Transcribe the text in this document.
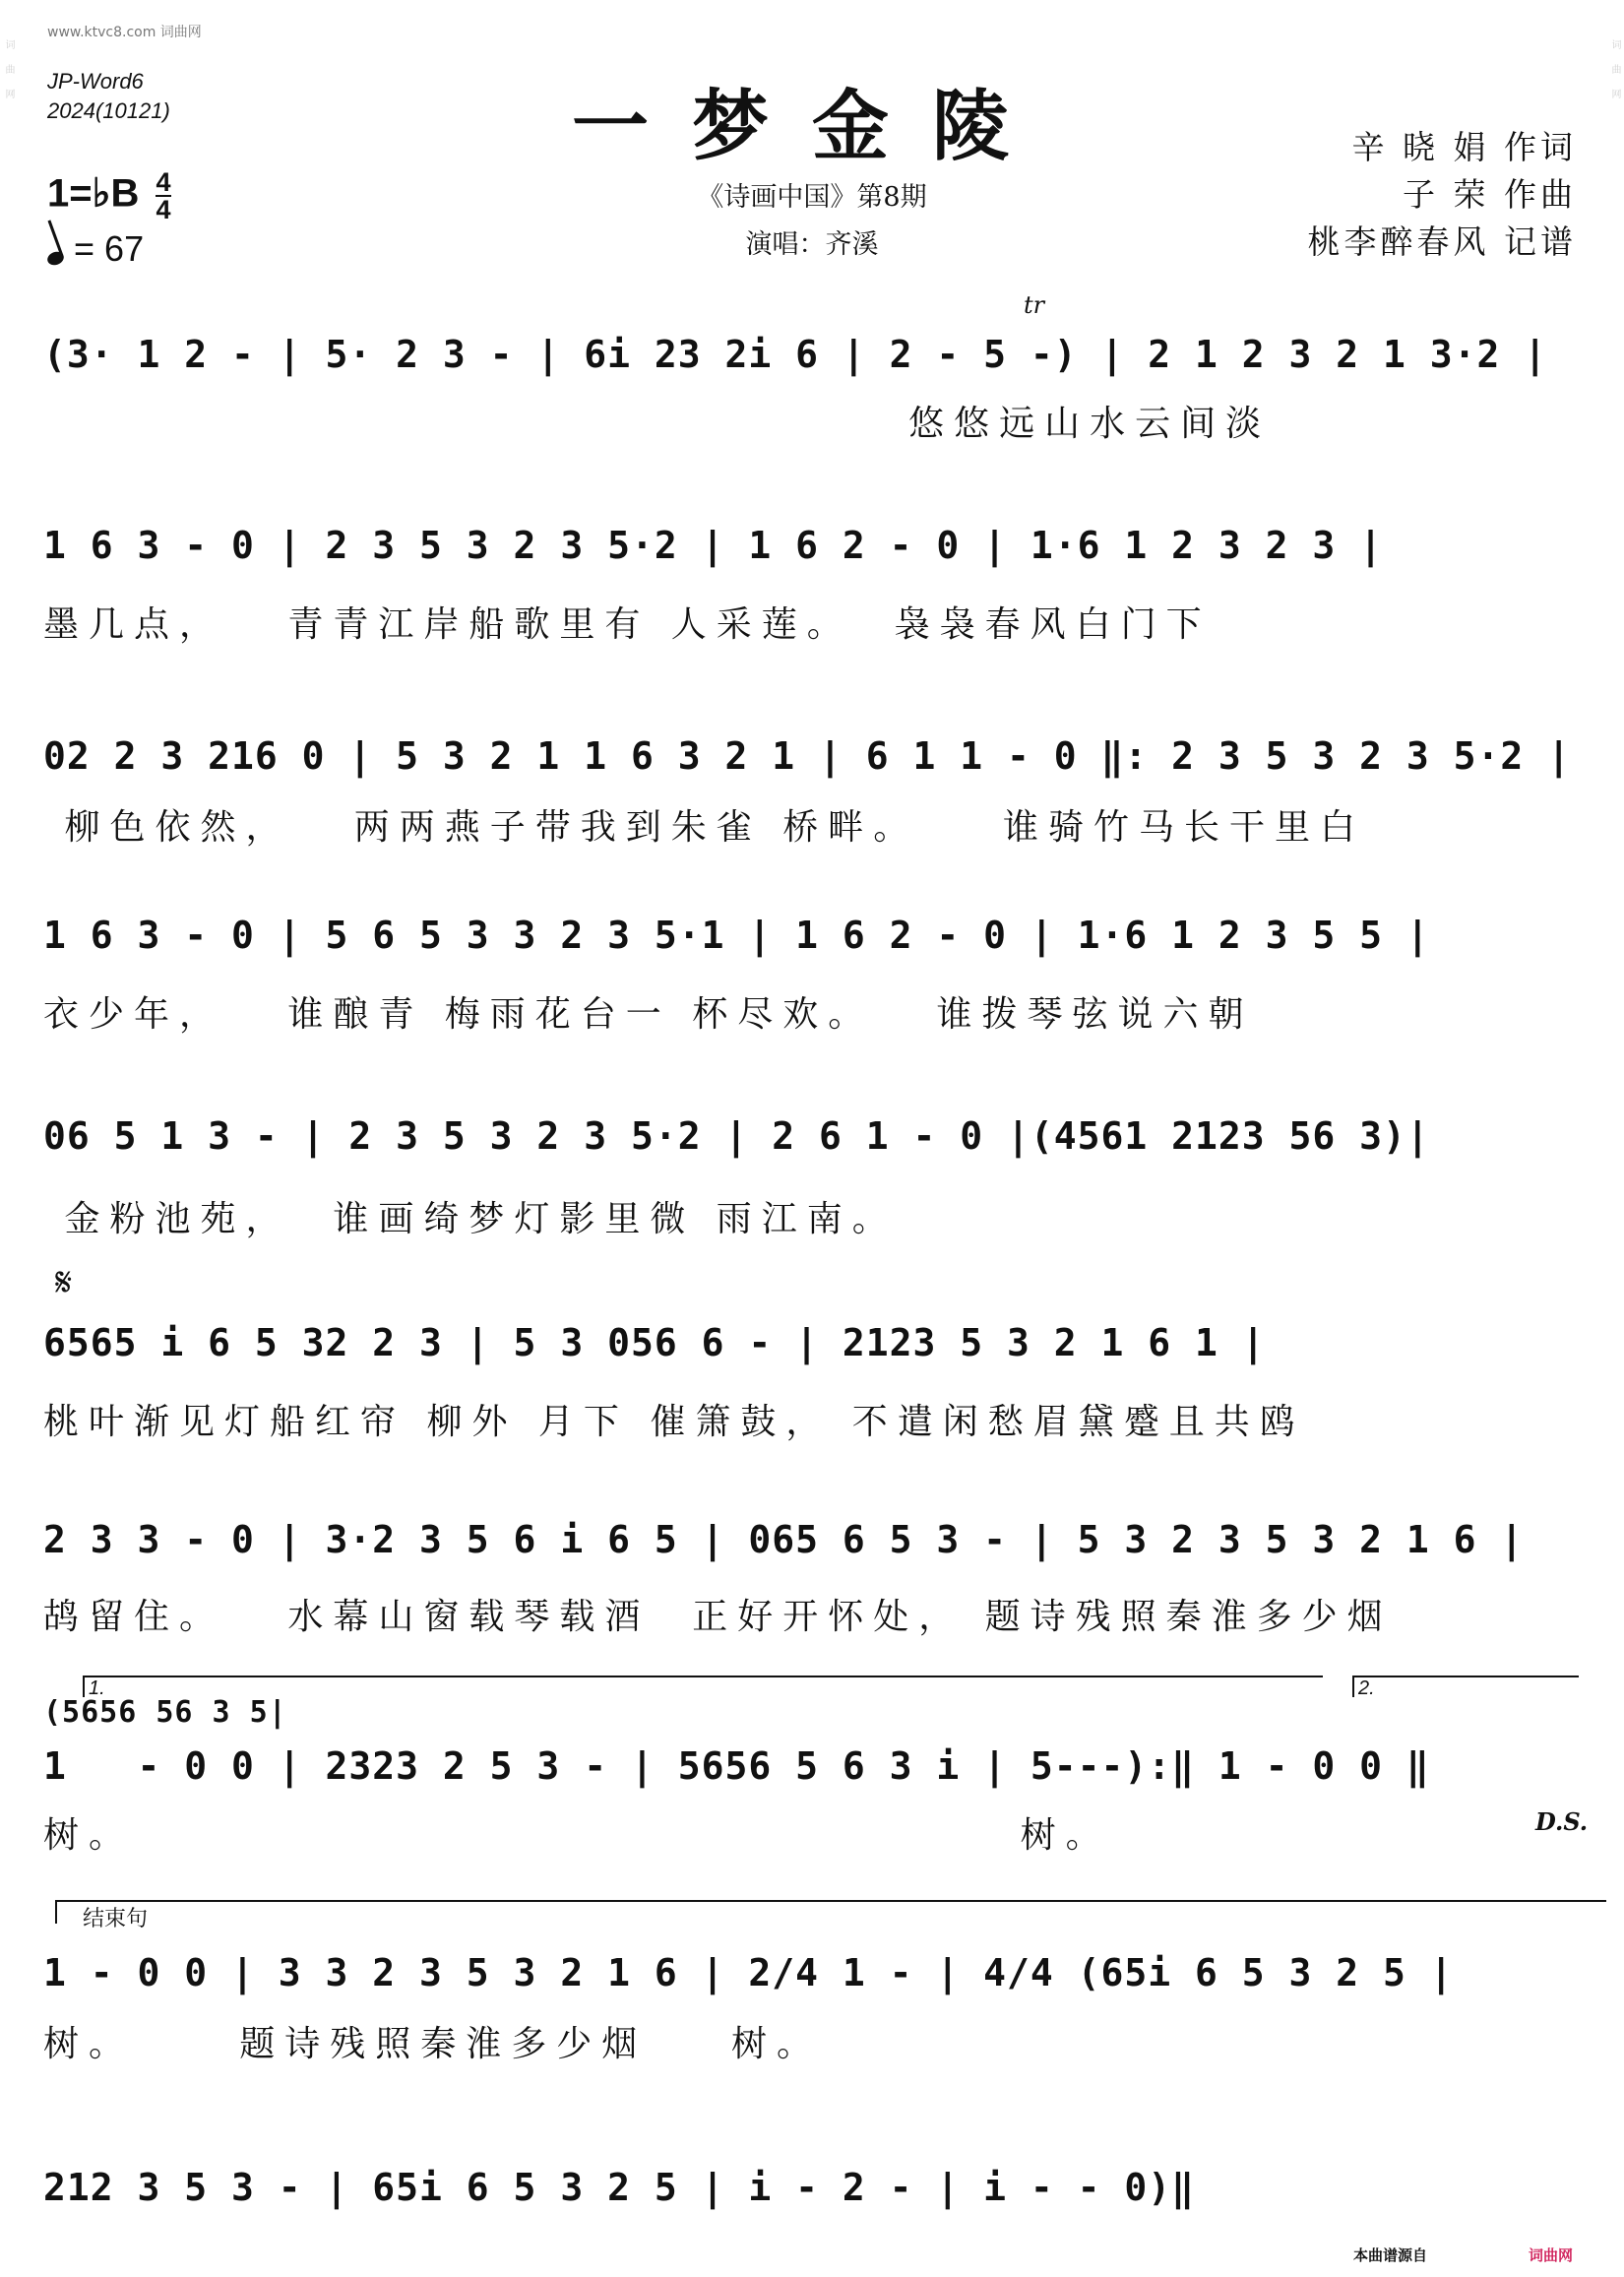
www.ktvc8.com 词曲网
词 曲 网	词 曲 网
JP-Word6
2024(10121)	一梦金陵
《诗画中国》第8期
演唱：齐溪
辛 晓 娟 作词
子 荣 作曲
桃李醉春风 记谱
1=♭B $\frac{4}{4}$
= 67
tr
(3· 1 2 - | 5· 2 3 - | 6i 23 2i 6 | 2 - 5 -) | 2 1 2 3 2 1 3·2 |
悠悠远山水云间淡
1 6 3 - 0 | 2 3 5 3 2 3 5·2 | 1 6 2 - 0 | 1·6 1 2 3 2 3 |
墨几点，   青青江岸船歌里有 人采莲。  袅袅春风白门下
02 2 3 216 0 | 5 3 2 1 1 6 3 2 1 | 6 1 1 - 0 ‖: 2 3 5 3 2 3 5·2 |
柳色依然，   两两燕子带我到朱雀 桥畔。    谁骑竹马长干里白
1 6 3 - 0 | 5 6 5 3 3 2 3 5·1 | 1 6 2 - 0 | 1·6 1 2 3 5 5 |
衣少年，   谁酿青 梅雨花台一 杯尽欢。   谁拨琴弦说六朝
06 5 1 3 - | 2 3 5 3 2 3 5·2 | 2 6 1 - 0 |(4561 2123 56 3)|
金粉池苑，  谁画绮梦灯影里微 雨江南。
𝄋
6565 i 6 5 32 2 3 | 5 3 056 6 - | 2123 5 3 2 1 6 1 |
桃叶渐见灯船红帘 柳外 月下 催箫鼓， 不遣闲愁眉黛蹙且共鸥
2 3 3 - 0 | 3·2 3 5 6 i 6 5 | 065 6 5 3 - | 5 3 2 3 5 3 2 1 6 |
鸪留住。   水幕山窗载琴载酒  正好开怀处， 题诗残照秦淮多少烟
1.	2.
(5656 56 3 5|
1   - 0 0 | 2323 2 5 3 - | 5656 5 6 3 i | 5---):‖ 1 - 0 0 ‖
树。                                          树。	D.S.
结束句
1 - 0 0 | 3 3 2 3 5 3 2 1 6 | 2/4 1 - | 4/4 (65i 6 5 3 2 5 |
树。     题诗残照秦淮多少烟    树。
212 3 5 3 - | 65i 6 5 3 2 5 | i - 2 - | i - - 0)‖
本曲谱源自	词曲网
